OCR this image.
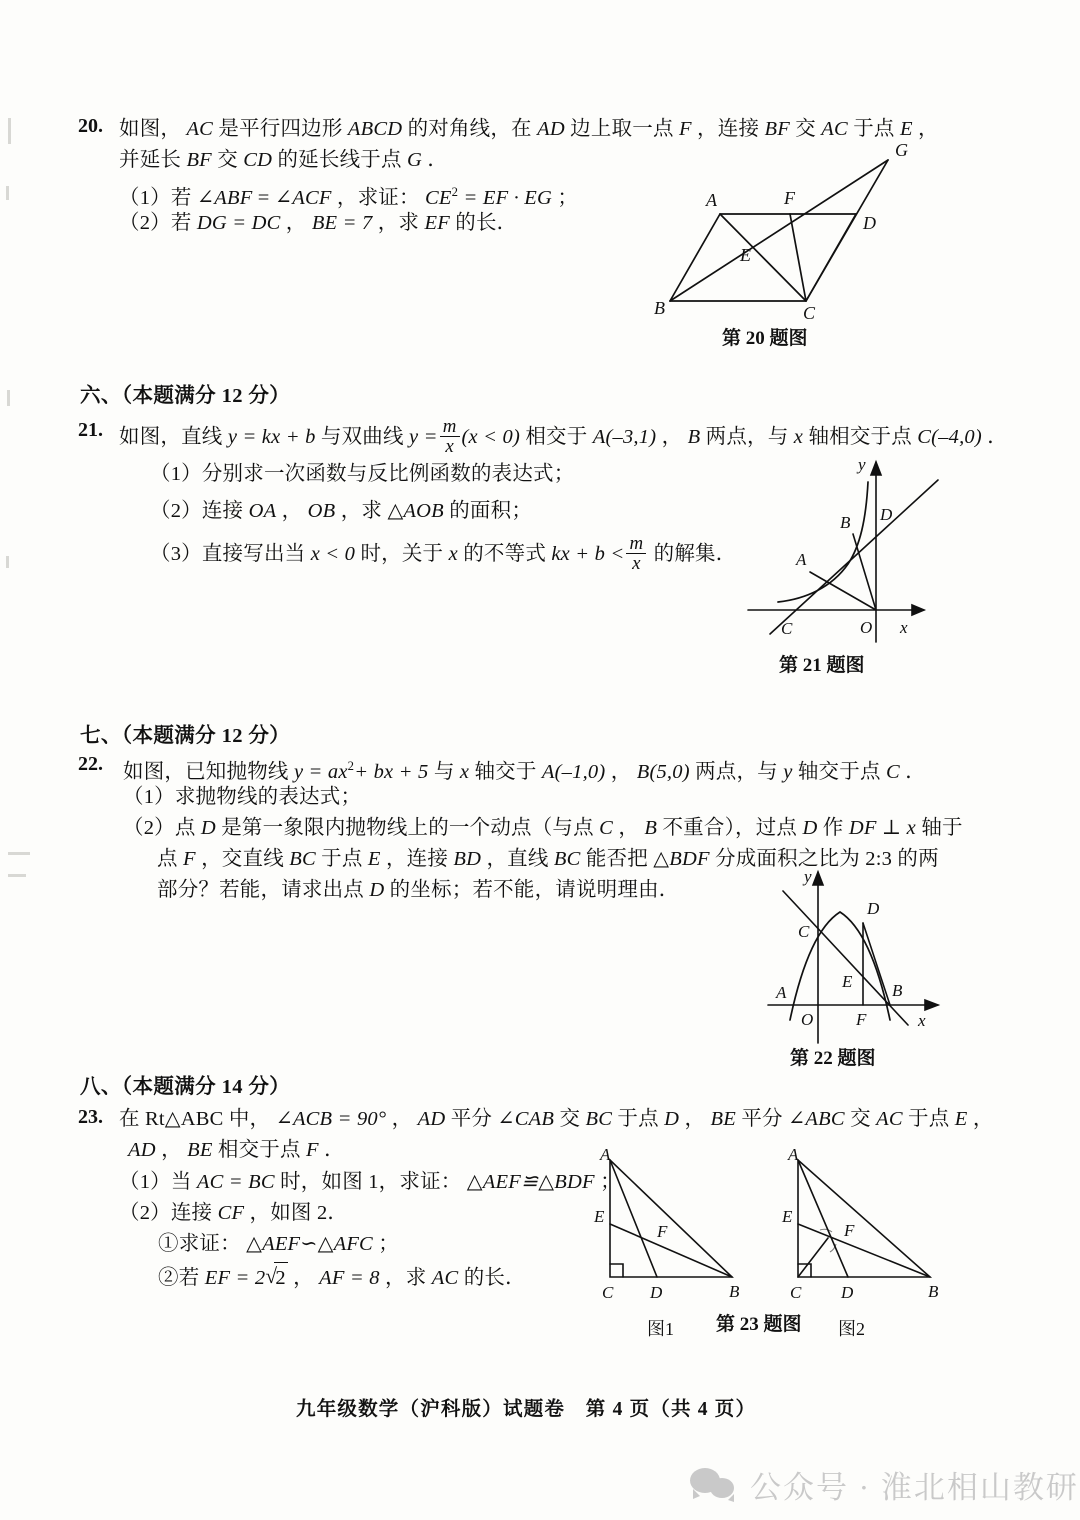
20. 如图， AC 是平行四边形 ABCD 的对角线，在 AD 边上取一点 F ，连接 BF 交 AC 于点 E ，
并延长 BF 交 CD 的延长线于点 G ．
（1）若 ∠ABF = ∠ACF ，求证： $CE^2$ = EF · EG ；
（2）若 DG = DC ， BE = 7 ，求 EF 的长．
A
B	C
D
E
F
G
第 20 题图
六、（本题满分 12 分）
21. 如图，直线 y = kx + b 与双曲线 $y = \frac{m}{x} (x < 0)$ 相交于 A(–3,1) ， B 两点，与 x 轴相交于点 C(–4,0) ．
（1）分别求一次函数与反比例函数的表达式；
（2）连接 OA ， OB ，求 △AOB 的面积；
（3）直接写出当 x < 0 时，关于 x 的不等式 kx + $b < \frac{m}{x}$ 的解集．	A
B
C
D
O x
y
第 21 题图
七、（本题满分 12 分）
22. 如图，已知抛物线 $y = ax^2+$ bx + 5 与 x 轴交于 A(–1,0) ， B(5,0) 两点，与 y 轴交于点 C ．
（1）求抛物线的表达式；
（2）点 D 是第一象限内抛物线上的一个动点（与点 C ， B 不重合），过点 D 作 DF ⊥ x 轴于
点 F ，交直线 BC 于点 E ，连接 BD ，直线 BC 能否把 △BDF 分成面积之比为 2:3 的两
部分？若能，请求出点 D 的坐标；若不能，请说明理由．
A	B
C
D
E
F
O	x
y
第 22 题图
八、（本题满分 14 分）
23. 在 Rt△ABC 中， ∠ACB = 90° ， AD 平分 ∠CAB 交 BC 于点 D ， BE 平分 ∠ABC 交 AC 于点 E ，
AD ， BE 相交于点 F ．
（1）当 AC = BC 时，如图 1，求证： △AEF≌△BDF ；
（2）连接 CF ，如图 2．
①求证： △AEF∽△AFC ；
②若 EF = 2 √ 2 ， AF = 8 ，求 AC 的长．
A
B
C D
E
F
图1
A
B
C D
E
F
图2
第 23 题图
九年级数学（沪科版）试题卷　第 4 页（共 4 页）
公众号 · 淮北相山教研
